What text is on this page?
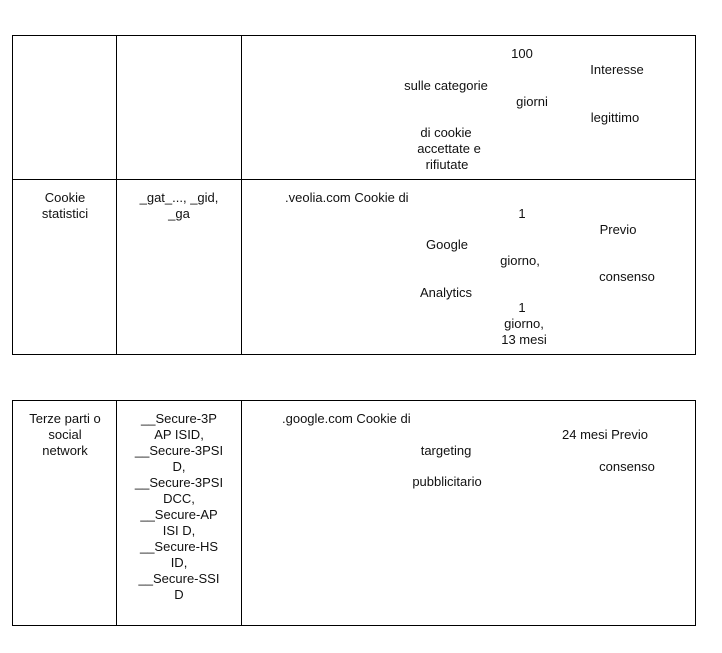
100
Interesse
sulle categorie
giorni
legittimo
di cookie
accettate e
rifiutate
Cookie
statistici
_gat_..., _gid,
_ga
.veolia.com Cookie di
1
Previo
Google
giorno,
consenso
Analytics
1
giorno,
13 mesi
Terze parti o
social
network
__Secure-3P
AP ISID,
__Secure-3PSI
D,
__Secure-3PSI
DCC,
__Secure-AP
ISI D,
__Secure-HS
ID,
__Secure-SSI
D
.google.com Cookie di
24 mesi Previo
targeting
consenso
pubblicitario
